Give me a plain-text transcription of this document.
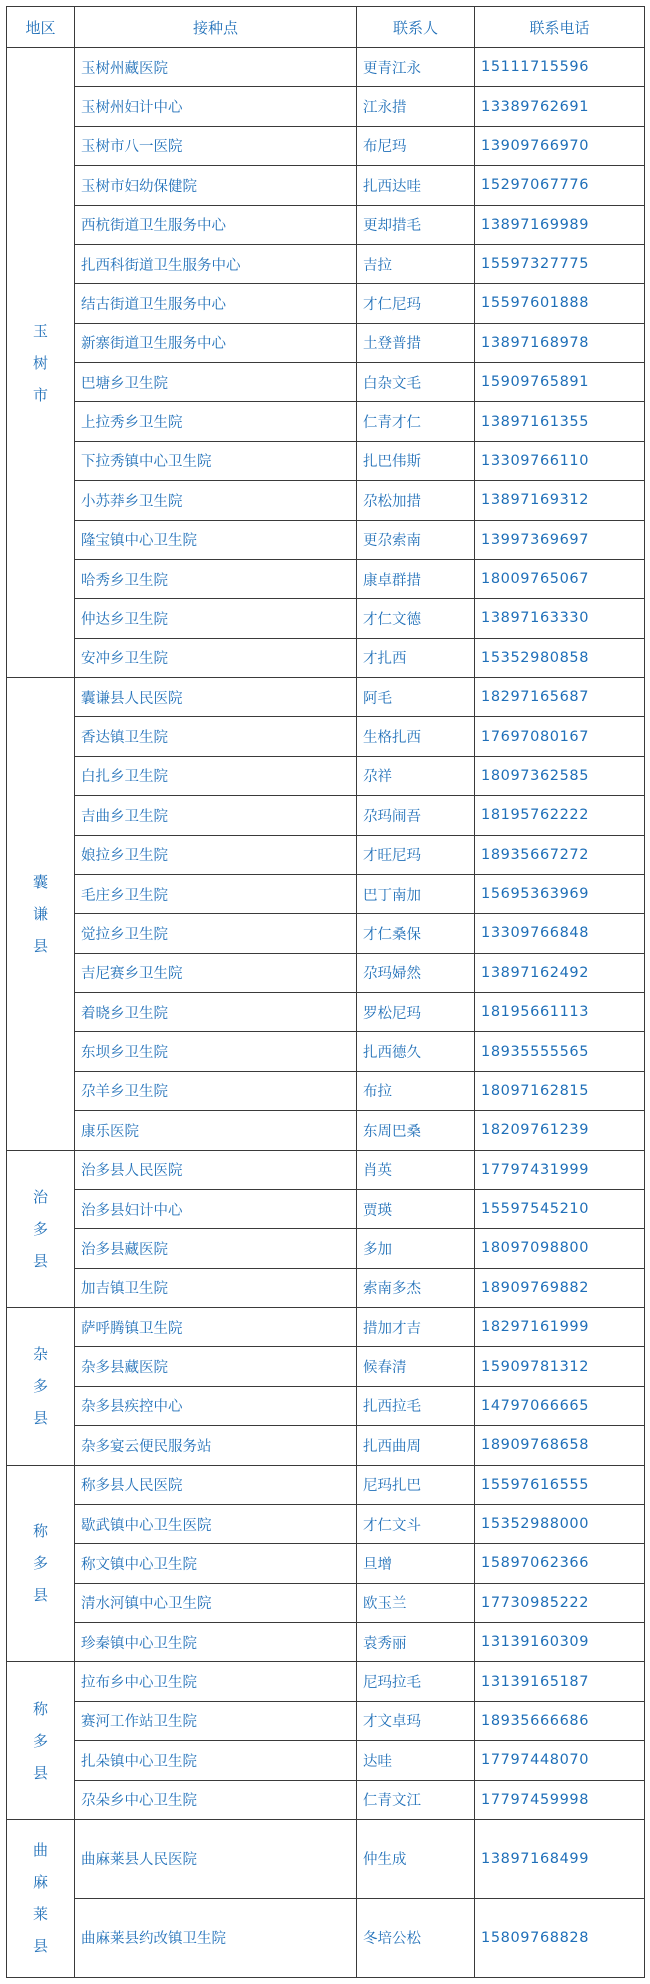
地区	接种点	联系人	联系电话
玉树市	玉树州藏医院	更青江永	15111715596
	玉树州妇计中心	江永措	13389762691
	玉树市八一医院	布尼玛	13909766970
	玉树市妇幼保健院	扎西达哇	15297067776
	西杭街道卫生服务中心	更却措毛	13897169989
	扎西科街道卫生服务中心	吉拉	15597327775
	结古街道卫生服务中心	才仁尼玛	15597601888
	新寨街道卫生服务中心	土登普措	13897168978
	巴塘乡卫生院	白杂文毛	15909765891
	上拉秀乡卫生院	仁青才仁	13897161355
	下拉秀镇中心卫生院	扎巴伟斯	13309766110
	小苏莽乡卫生院	尕松加措	13897169312
	隆宝镇中心卫生院	更尕索南	13997369697
	哈秀乡卫生院	康卓群措	18009765067
	仲达乡卫生院	才仁文德	13897163330
	安冲乡卫生院	才扎西	15352980858
囊谦县	囊谦县人民医院	阿毛	18297165687
	香达镇卫生院	生格扎西	17697080167
	白扎乡卫生院	尕祥	18097362585
	吉曲乡卫生院	尕玛闹吾	18195762222
	娘拉乡卫生院	才旺尼玛	18935667272
	毛庄乡卫生院	巴丁南加	15695363969
	觉拉乡卫生院	才仁桑保	13309766848
	吉尼赛乡卫生院	尕玛婦然	13897162492
	着晓乡卫生院	罗松尼玛	18195661113
	东坝乡卫生院	扎西德久	18935555565
	尕羊乡卫生院	布拉	18097162815
	康乐医院	东周巴桑	18209761239
治多县	治多县人民医院	肖英	17797431999
	治多县妇计中心	贾瑛	15597545210
	治多县藏医院	多加	18097098800
	加吉镇卫生院	索南多杰	18909769882
杂多县	萨呼腾镇卫生院	措加才吉	18297161999
	杂多县藏医院	候春清	15909781312
	杂多县疾控中心	扎西拉毛	14797066665
	杂多宴云便民服务站	扎西曲周	18909768658
称多县	称多县人民医院	尼玛扎巴	15597616555
	歇武镇中心卫生医院	才仁文斗	15352988000
	称文镇中心卫生院	旦增	15897062366
	清水河镇中心卫生院	欧玉兰	17730985222
	珍秦镇中心卫生院	袁秀丽	13139160309
称多县	拉布乡中心卫生院	尼玛拉毛	13139165187
	赛河工作站卫生院	才文卓玛	18935666686
	扎朵镇中心卫生院	达哇	17797448070
	尕朵乡中心卫生院	仁青文江	17797459998
曲麻莱县	曲麻莱县人民医院	仲生成	13897168499
	曲麻莱县约改镇卫生院	冬培公松	15809768828
